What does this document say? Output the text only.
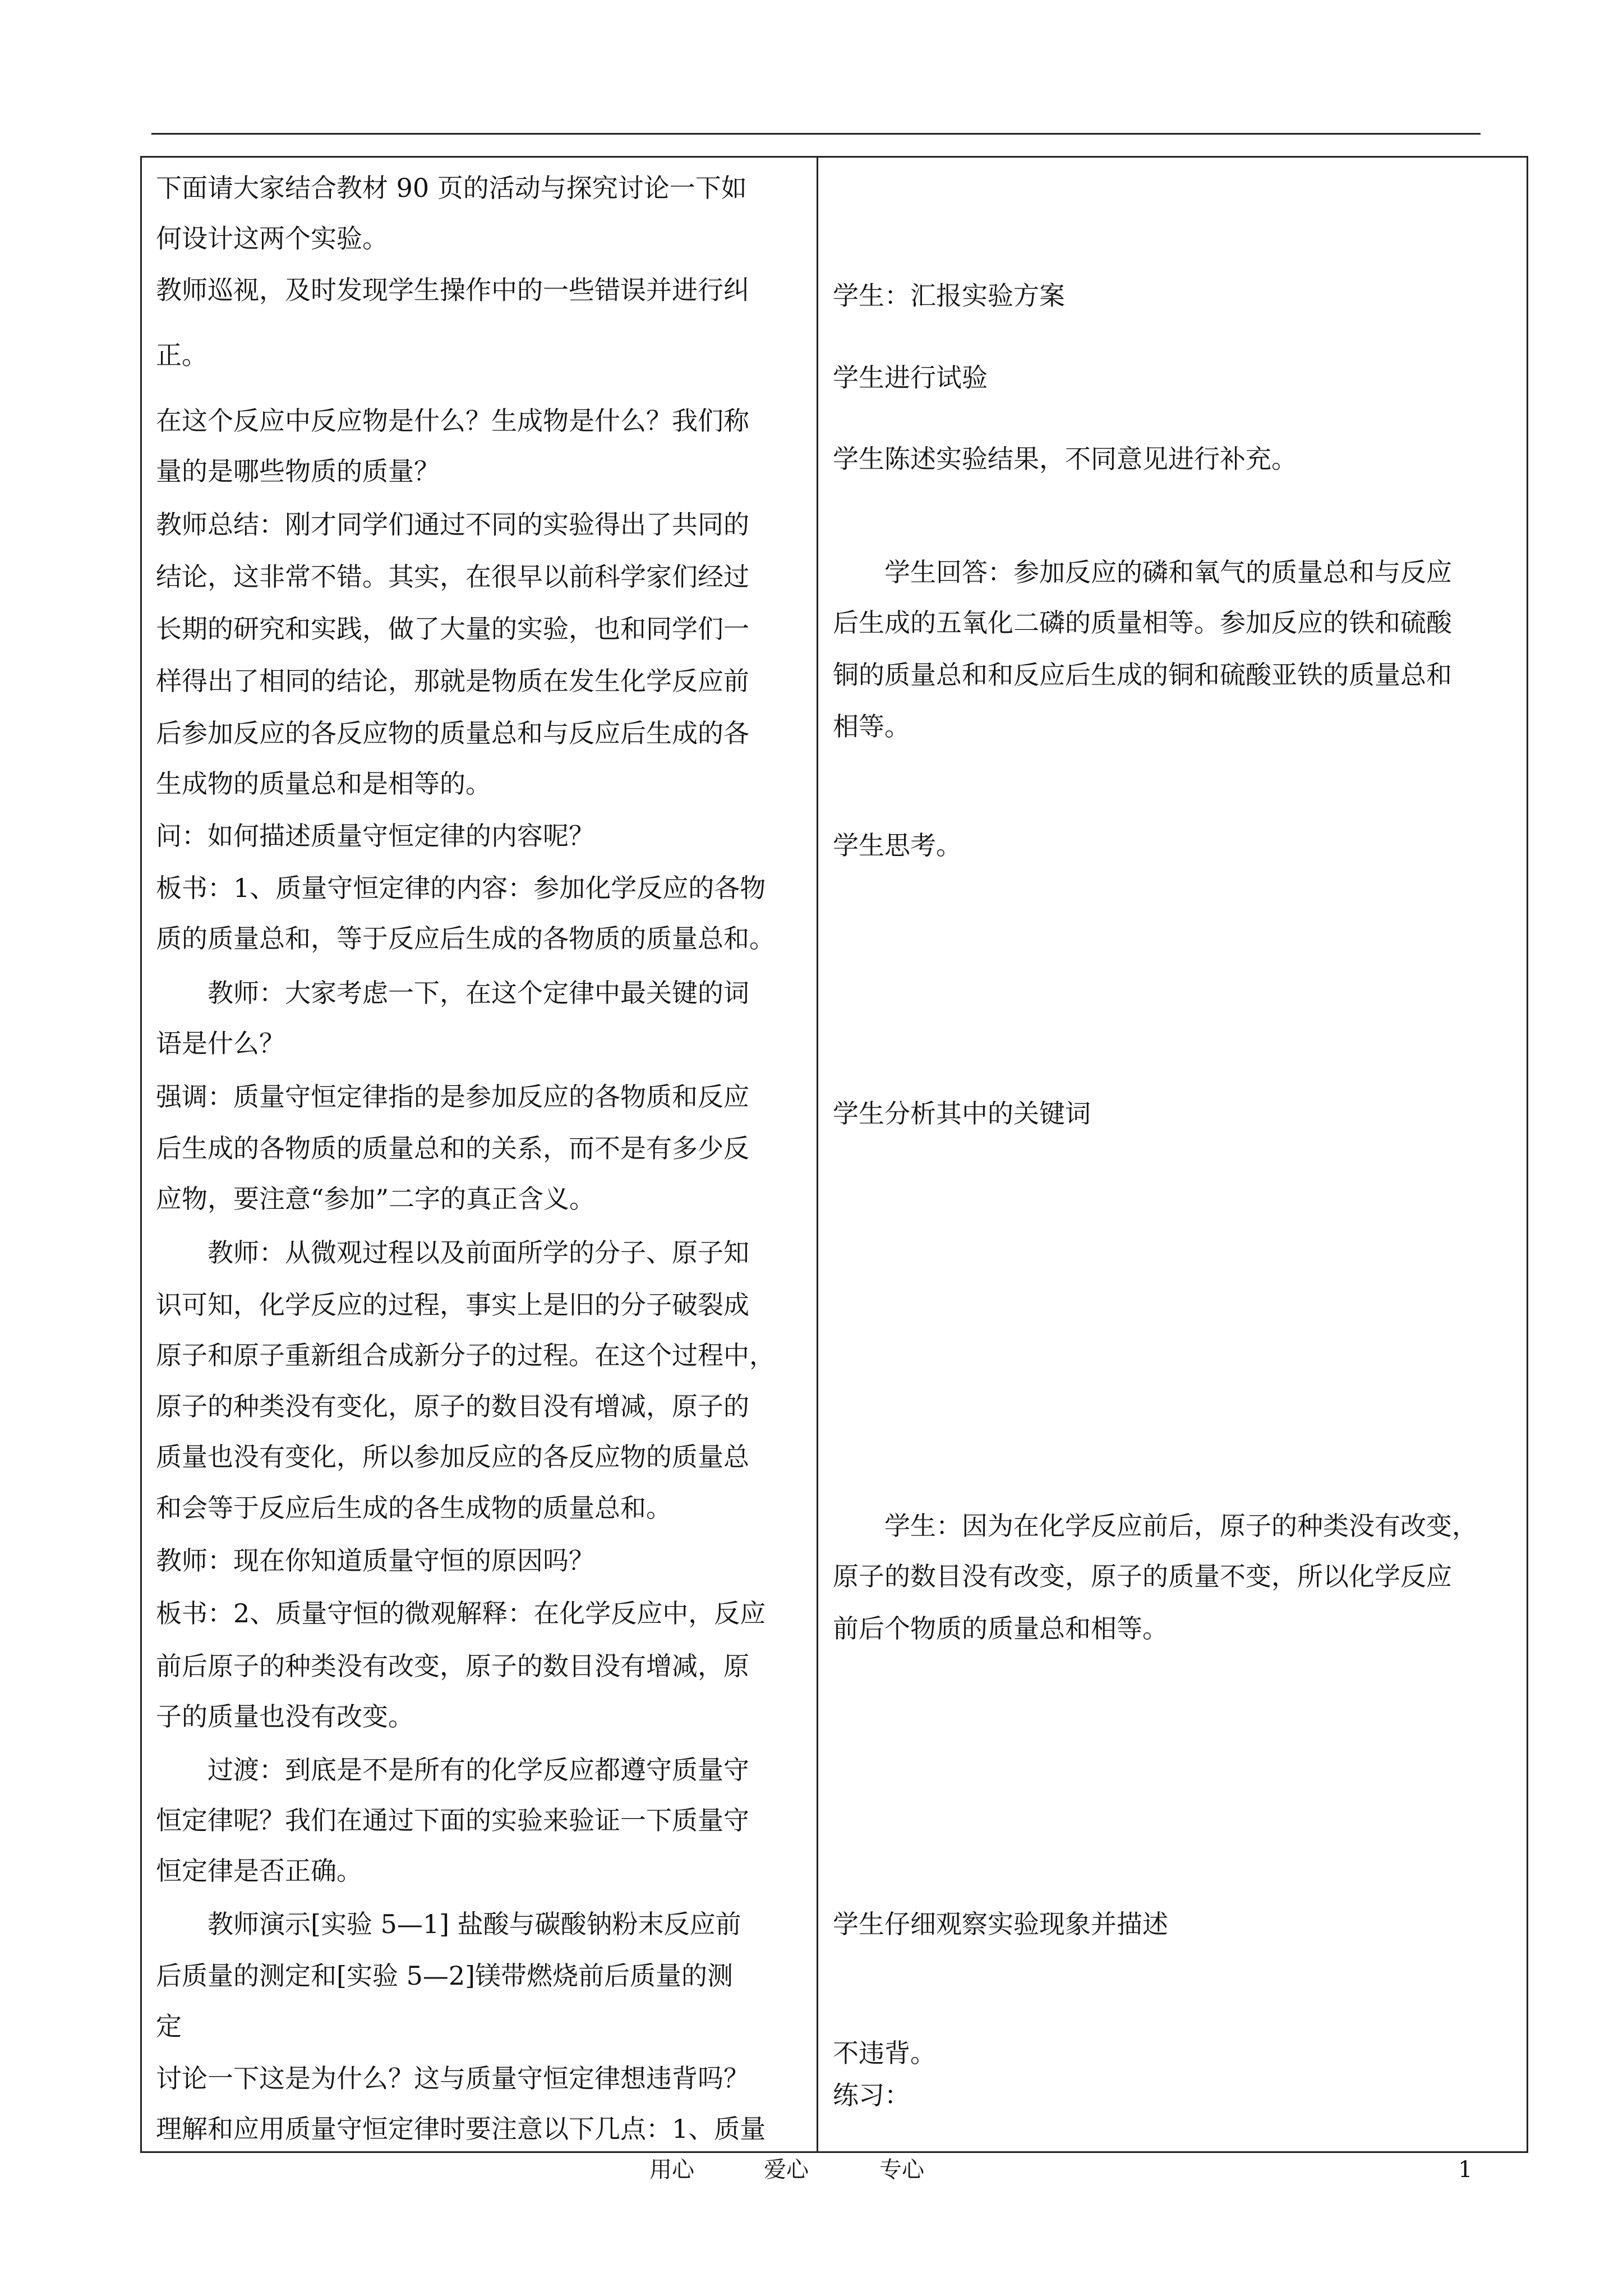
下面请大家结合教材 90 页的活动与探究讨论一下如

何设计这两个实验。

教师巡视，及时发现学生操作中的一些错误并进行纠

正。

在这个反应中反应物是什么？生成物是什么？我们称

量的是哪些物质的质量？

教师总结：刚才同学们通过不同的实验得出了共同的

结论，这非常不错。其实，在很早以前科学家们经过

长期的研究和实践，做了大量的实验，也和同学们一

样得出了相同的结论，那就是物质在发生化学反应前

后参加反应的各反应物的质量总和与反应后生成的各

生成物的质量总和是相等的。

问：如何描述质量守恒定律的内容呢？

板书：1、质量守恒定律的内容：参加化学反应的各物

质的质量总和，等于反应后生成的各物质的质量总和。

　　教师：大家考虑一下，在这个定律中最关键的词

语是什么？

强调：质量守恒定律指的是参加反应的各物质和反应

后生成的各物质的质量总和的关系，而不是有多少反

应物，要注意“参加”二字的真正含义。

　　教师：从微观过程以及前面所学的分子、原子知

识可知，化学反应的过程，事实上是旧的分子破裂成

原子和原子重新组合成新分子的过程。在这个过程中，

原子的种类没有变化，原子的数目没有增减，原子的

质量也没有变化，所以参加反应的各反应物的质量总

和会等于反应后生成的各生成物的质量总和。

教师：现在你知道质量守恒的原因吗？

板书：2、质量守恒的微观解释：在化学反应中，反应

前后原子的种类没有改变，原子的数目没有增减，原

子的质量也没有改变。

　　过渡：到底是不是所有的化学反应都遵守质量守

恒定律呢？我们在通过下面的实验来验证一下质量守

恒定律是否正确。

　　教师演示[实验 5—1] 盐酸与碳酸钠粉末反应前

后质量的测定和[实验 5—2]镁带燃烧前后质量的测

定

讨论一下这是为什么？这与质量守恒定律想违背吗？

理解和应用质量守恒定律时要注意以下几点：1、质量

学生：汇报实验方案

学生进行试验

学生陈述实验结果，不同意见进行补充。

　　学生回答：参加反应的磷和氧气的质量总和与反应

后生成的五氧化二磷的质量相等。参加反应的铁和硫酸

铜的质量总和和反应后生成的铜和硫酸亚铁的质量总和

相等。

学生思考。

学生分析其中的关键词

　　学生：因为在化学反应前后，原子的种类没有改变，

原子的数目没有改变，原子的质量不变，所以化学反应

前后个物质的质量总和相等。

学生仔细观察实验现象并描述

不违背。

练习：

用心	爱心	专心	1
